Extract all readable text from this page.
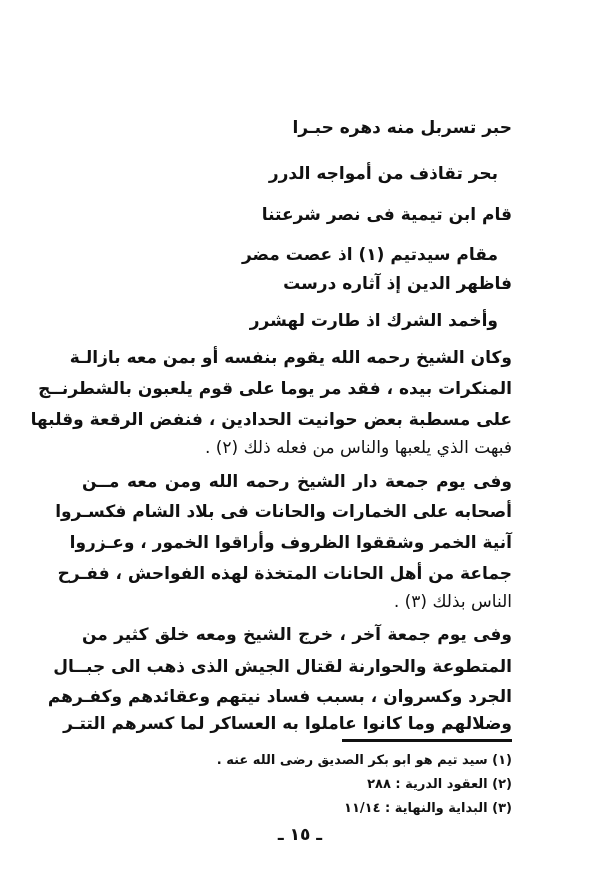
حبر تسربل منه دهره حبـرا
بحر تقاذف من أمواجه الدرر
قام ابن تيمية فى نصر شرعتنا
مقام سيدتيم (١) اذ عصت مضر
فاظهر الدين إذ آثاره درست
وأخمد الشرك اذ طارت لهشرر
وكان الشيخ رحمه الله يقوم بنفسه أو بمن معه بازالـة
المنكرات بيده ، فقد مر يوما على قوم يلعبون بالشطرنــج
على مسطبة بعض حوانيت الحدادين ، فنفض الرقعة وقلبها
فبهت الذي يلعبها والناس من فعله ذلك (٢) .
وفى يوم جمعة دار الشيخ رحمه الله ومن معه مــن
أصحابه على الخمارات والحانات فى بلاد الشام فكسـروا
آنية الخمر وشققوا الظروف وأراقوا الخمور ، وعـزروا
جماعة من أهل الحانات المتخذة لهذه الفواحش ، ففـرح
الناس بذلك (٣) .
وفى يوم جمعة آخر ، خرج الشيخ ومعه خلق كثير من
المتطوعة والحوارنة لقتال الجيش الذى ذهب الى جبــال
الجرد وكسروان ، بسبب فساد نيتهم وعقائدهم وكفـرهم
وضلالهم وما كانوا عاملوا به العساكر لما كسرهم التتـر
(١) سيد تيم هو ابو بكر الصديق رضى الله عنه .
(٢) العقود الدرية : ٢٨٨
(٣) البداية والنهاية : ١١/١٤
ـ ١٥ ـ
